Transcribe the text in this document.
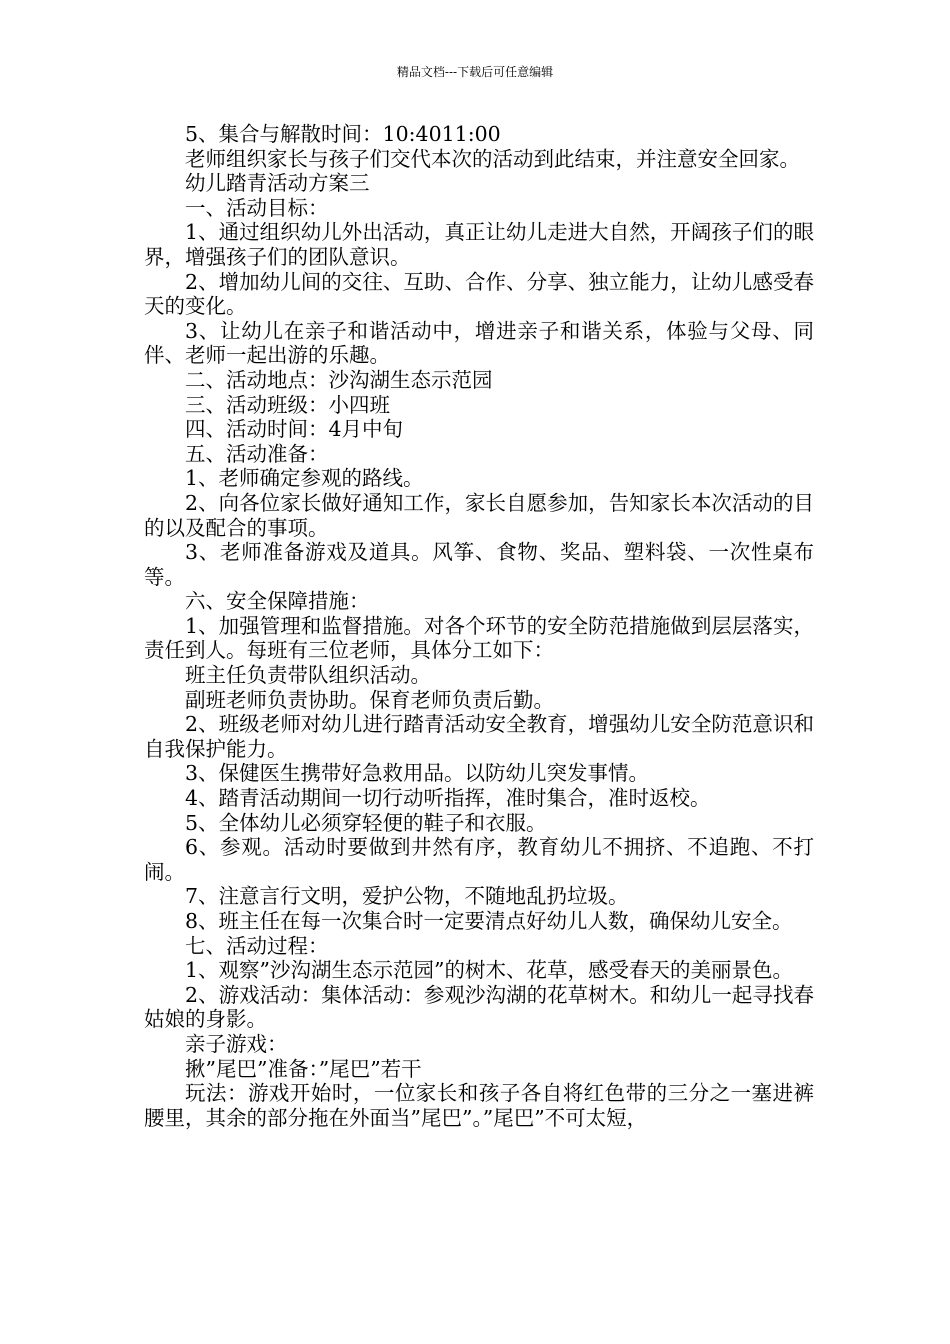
精品文档---下载后可任意编辑

5、集合与解散时间：10:4011:00

老师组织家长与孩子们交代本次的活动到此结束，并注意安全回家。

幼儿踏青活动方案三

一、活动目标：

1、通过组织幼儿外出活动，真正让幼儿走进大自然，开阔孩子们的眼界，增强孩子们的团队意识。

2、增加幼儿间的交往、互助、合作、分享、独立能力，让幼儿感受春天的变化。

3、让幼儿在亲子和谐活动中，增进亲子和谐关系，体验与父母、同伴、老师一起出游的乐趣。

二、活动地点：沙沟湖生态示范园

三、活动班级：小四班

四、活动时间：4月中旬

五、活动准备：

1、老师确定参观的路线。

2、向各位家长做好通知工作，家长自愿参加，告知家长本次活动的目的以及配合的事项。

3、老师准备游戏及道具。风筝、食物、奖品、塑料袋、一次性桌布等。

六、安全保障措施：

1、加强管理和监督措施。对各个环节的安全防范措施做到层层落实，责任到人。每班有三位老师，具体分工如下：

班主任负责带队组织活动。

副班老师负责协助。保育老师负责后勤。

2、班级老师对幼儿进行踏青活动安全教育，增强幼儿安全防范意识和自我保护能力。

3、保健医生携带好急救用品。以防幼儿突发事情。

4、踏青活动期间一切行动听指挥，准时集合，准时返校。

5、全体幼儿必须穿轻便的鞋子和衣服。

6、参观。活动时要做到井然有序，教育幼儿不拥挤、不追跑、不打闹。

7、注意言行文明，爱护公物，不随地乱扔垃圾。

8、班主任在每一次集合时一定要清点好幼儿人数，确保幼儿安全。

七、活动过程：

1、观察”沙沟湖生态示范园”的树木、花草，感受春天的美丽景色。

2、游戏活动：集体活动：参观沙沟湖的花草树木。和幼儿一起寻找春姑娘的身影。

亲子游戏：

揪”尾巴”准备：”尾巴”若干

玩法：游戏开始时，一位家长和孩子各自将红色带的三分之一塞进裤腰里，其余的部分拖在外面当”尾巴”。”尾巴”不可太短，
